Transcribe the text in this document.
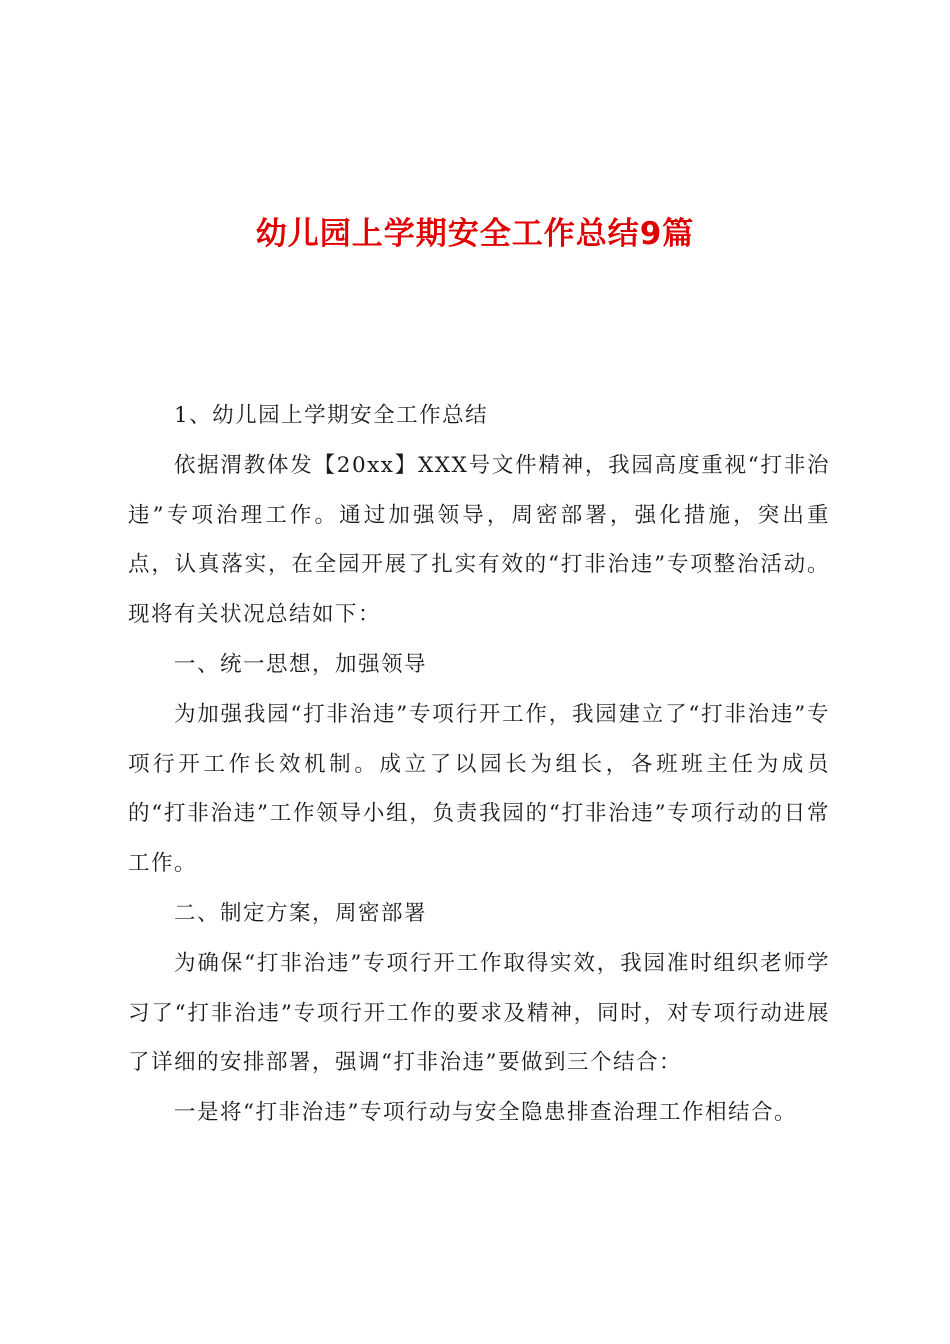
幼儿园上学期安全工作总结9篇

1、幼儿园上学期安全工作总结

依据渭教体发【20xx】XXX号文件精神，我园高度重视“打非治违”专项治理工作。通过加强领导，周密部署，强化措施，突出重点，认真落实，在全园开展了扎实有效的“打非治违”专项整治活动。现将有关状况总结如下：

一、统一思想，加强领导

为加强我园“打非治违”专项行开工作，我园建立了“打非治违”专项行开工作长效机制。成立了以园长为组长，各班班主任为成员的“打非治违”工作领导小组，负责我园的“打非治违”专项行动的日常工作。

二、制定方案，周密部署

为确保“打非治违”专项行开工作取得实效，我园准时组织老师学习了“打非治违”专项行开工作的要求及精神，同时，对专项行动进展了详细的安排部署，强调“打非治违”要做到三个结合：

一是将“打非治违”专项行动与安全隐患排查治理工作相结合。
